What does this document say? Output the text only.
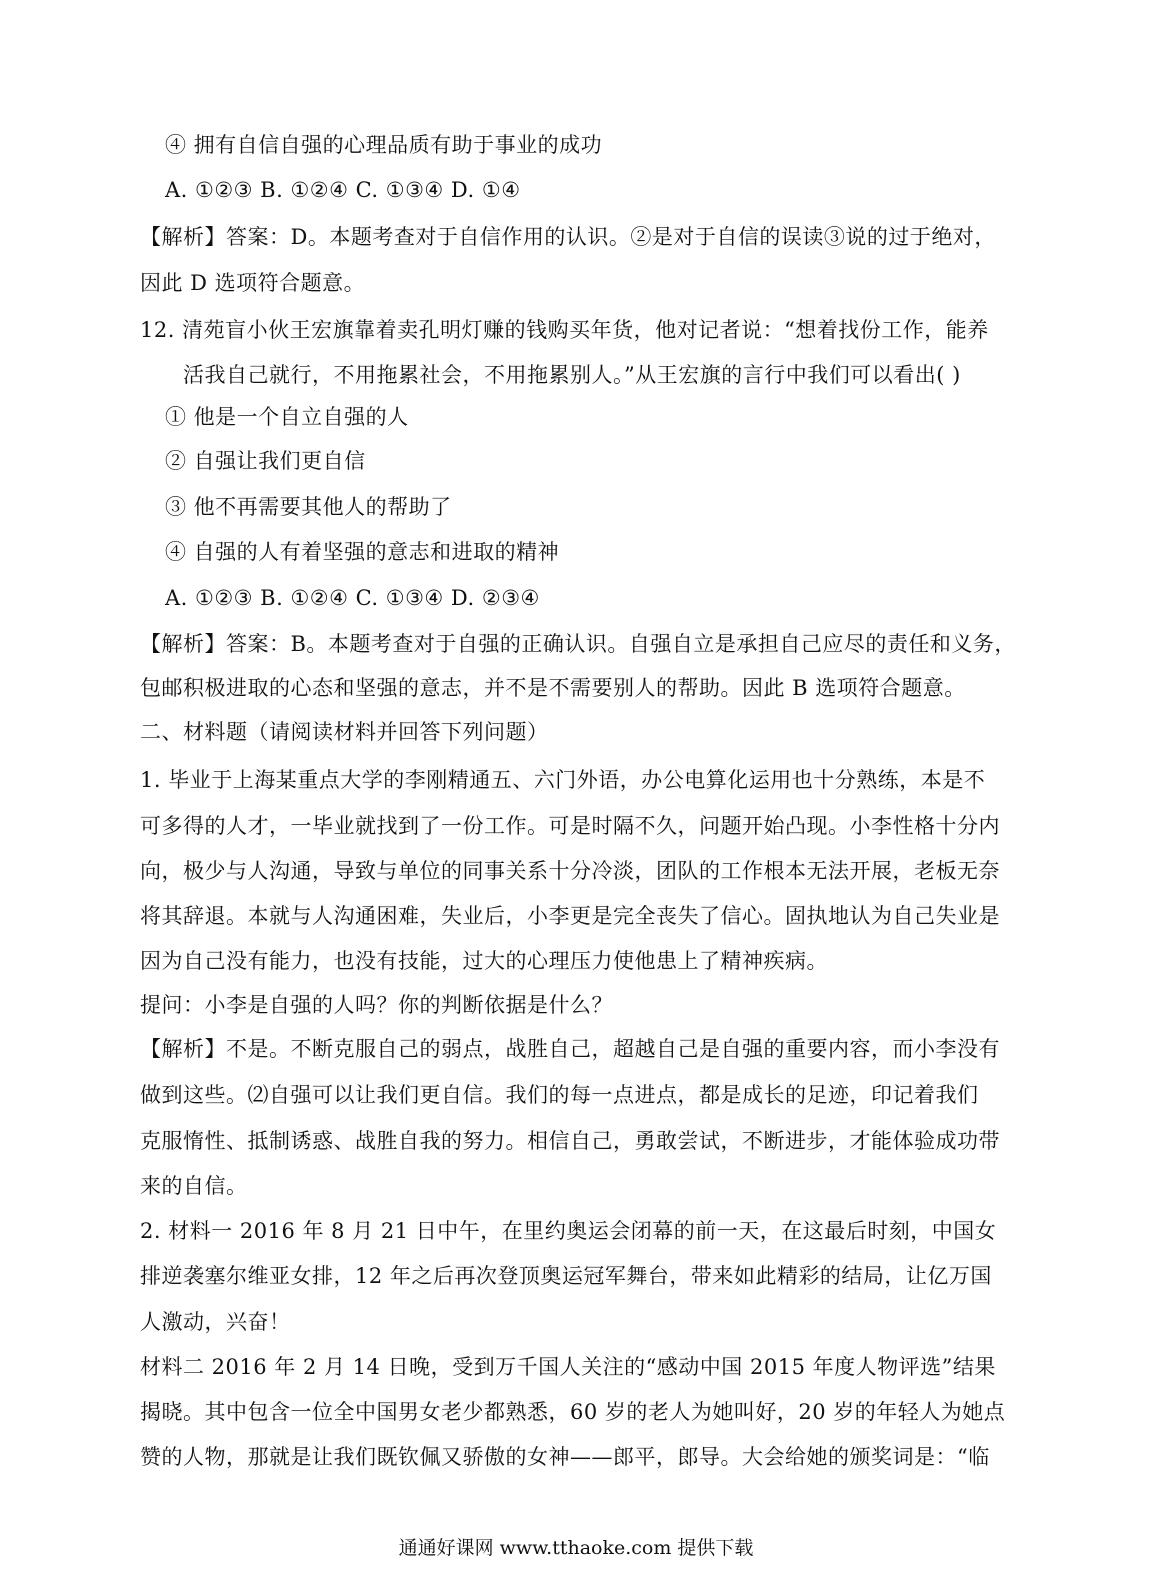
④ 拥有自信自强的心理品质有助于事业的成功
A. ①②③ B. ①②④ C. ①③④ D. ①④
【解析】答案：D。本题考查对于自信作用的认识。②是对于自信的误读③说的过于绝对，
因此 D 选项符合题意。
12. 清苑盲小伙王宏旗靠着卖孔明灯赚的钱购买年货，他对记者说：“想着找份工作，能养
活我自己就行，不用拖累社会，不用拖累别人。”从王宏旗的言行中我们可以看出( )
① 他是一个自立自强的人
② 自强让我们更自信
③ 他不再需要其他人的帮助了
④ 自强的人有着坚强的意志和进取的精神
A. ①②③ B. ①②④ C. ①③④ D. ②③④
【解析】答案：B。本题考查对于自强的正确认识。自强自立是承担自己应尽的责任和义务，
包邮积极进取的心态和坚强的意志，并不是不需要别人的帮助。因此 B 选项符合题意。
二、材料题（请阅读材料并回答下列问题）
1. 毕业于上海某重点大学的李刚精通五、六门外语，办公电算化运用也十分熟练，本是不
可多得的人才，一毕业就找到了一份工作。可是时隔不久，问题开始凸现。小李性格十分内
向，极少与人沟通，导致与单位的同事关系十分冷淡，团队的工作根本无法开展，老板无奈
将其辞退。本就与人沟通困难，失业后，小李更是完全丧失了信心。固执地认为自己失业是
因为自己没有能力，也没有技能，过大的心理压力使他患上了精神疾病。
提问：小李是自强的人吗？你的判断依据是什么？
【解析】不是。不断克服自己的弱点，战胜自己，超越自己是自强的重要内容，而小李没有
做到这些。⑵自强可以让我们更自信。我们的每一点进点，都是成长的足迹，印记着我们
克服惰性、抵制诱惑、战胜自我的努力。相信自己，勇敢尝试，不断进步，才能体验成功带
来的自信。
2. 材料一 2016 年 8 月 21 日中午，在里约奥运会闭幕的前一天，在这最后时刻，中国女
排逆袭塞尔维亚女排，12 年之后再次登顶奥运冠军舞台，带来如此精彩的结局，让亿万国
人激动，兴奋！
材料二 2016 年 2 月 14 日晚，受到万千国人关注的“感动中国 2015 年度人物评选”结果
揭晓。其中包含一位全中国男女老少都熟悉，60 岁的老人为她叫好，20 岁的年轻人为她点
赞的人物，那就是让我们既钦佩又骄傲的女神——郎平，郎导。大会给她的颁奖词是：“临
通通好课网 www.tthaoke.com 提供下载
